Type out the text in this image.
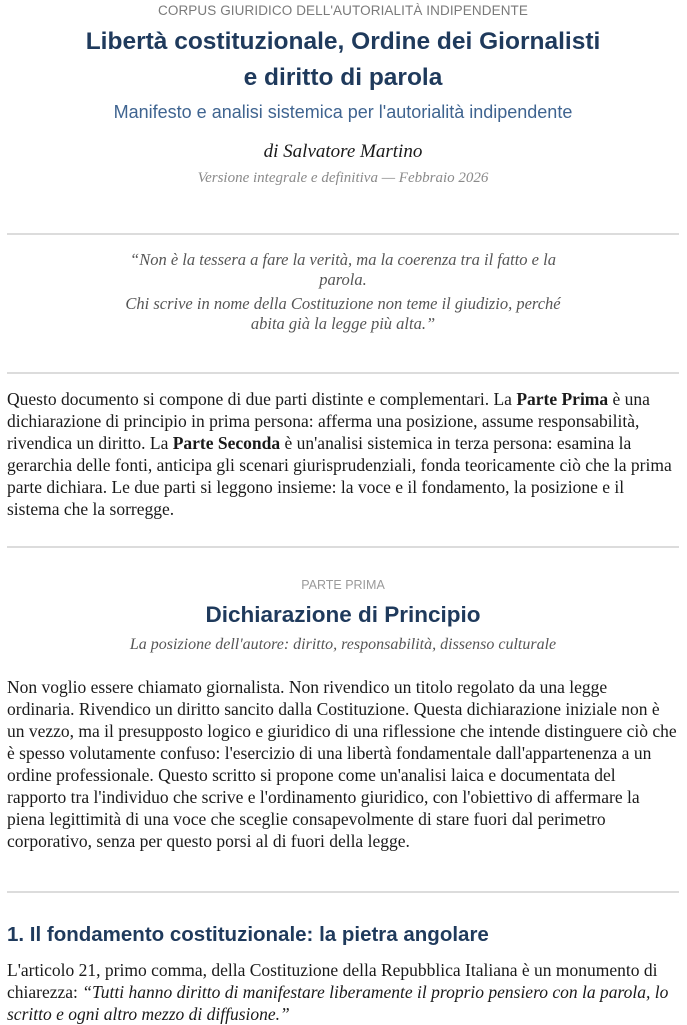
CORPUS GIURIDICO DELL'AUTORIALITÀ INDIPENDENTE

Libertà costituzionale, Ordine dei Giornalisti
e diritto di parola

Manifesto e analisi sistemica per l'autorialità indipendente

di Salvatore Martino

Versione integrale e definitiva — Febbraio 2026

“Non è la tessera a fare la verità, ma la coerenza tra il fatto e la parola.

Chi scrive in nome della Costituzione non teme il giudizio, perché abita già la legge più alta.”

Questo documento si compone di due parti distinte e complementari. La Parte Prima è una dichiarazione di principio in prima persona: afferma una posizione, assume responsabilità, rivendica un diritto. La Parte Seconda è un'analisi sistemica in terza persona: esamina la gerarchia delle fonti, anticipa gli scenari giurisprudenziali, fonda teoricamente ciò che la prima parte dichiara. Le due parti si leggono insieme: la voce e il fondamento, la posizione e il sistema che la sorregge.

PARTE PRIMA

Dichiarazione di Principio

La posizione dell'autore: diritto, responsabilità, dissenso culturale

Non voglio essere chiamato giornalista. Non rivendico un titolo regolato da una legge ordinaria. Rivendico un diritto sancito dalla Costituzione. Questa dichiarazione iniziale non è un vezzo, ma il presupposto logico e giuridico di una riflessione che intende distinguere ciò che è spesso volutamente confuso: l'esercizio di una libertà fondamentale dall'appartenenza a un ordine professionale. Questo scritto si propone come un'analisi laica e documentata del rapporto tra l'individuo che scrive e l'ordinamento giuridico, con l'obiettivo di affermare la piena legittimità di una voce che sceglie consapevolmente di stare fuori dal perimetro corporativo, senza per questo porsi al di fuori della legge.

1. Il fondamento costituzionale: la pietra angolare

L'articolo 21, primo comma, della Costituzione della Repubblica Italiana è un monumento di chiarezza: “Tutti hanno diritto di manifestare liberamente il proprio pensiero con la parola, lo scritto e ogni altro mezzo di diffusione.”
